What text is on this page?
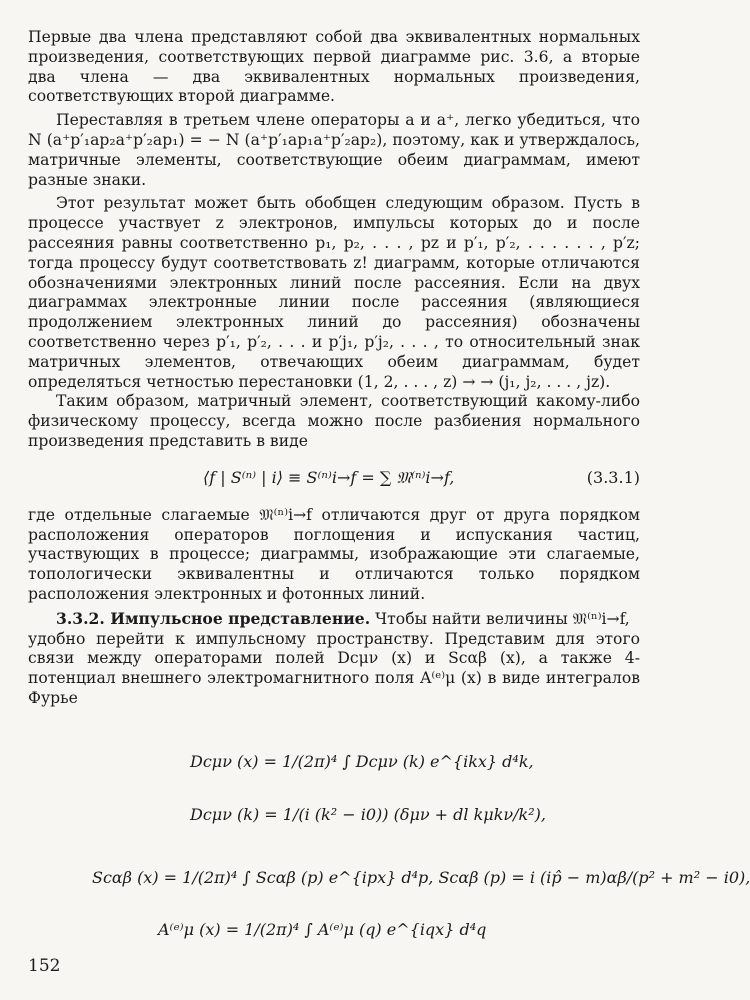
Первые два члена представляют собой два эквивалентных нормальных произведения, соответствующих первой диаграмме рис. 3.6, а вторые два члена — два эквивалентных нормальных произведения, соответствующих второй диаграмме.

Переставляя в третьем члене операторы a и a⁺, легко убедиться, что N (a⁺p′₁ap₂a⁺p′₂ap₁) = − N (a⁺p′₁ap₁a⁺p′₂ap₂), поэтому, как и утверждалось, матричные элементы, соответствующие обеим диаграммам, имеют разные знаки.

Этот результат может быть обобщен следующим образом. Пусть в процессе участвует z электронов, импульсы которых до и после рассеяния равны соответственно p₁, p₂, . . . , pz и p′₁, p′₂, . . . . . . , p′z; тогда процессу будут соответствовать z! диаграмм, которые отличаются обозначениями электронных линий после рассеяния. Если на двух диаграммах электронные линии после рассеяния (являющиеся продолжением электронных линий до рассеяния) обозначены соответственно через p′₁, p′₂, . . . и p′j₁, p′j₂, . . . , то относительный знак матричных элементов, отвечающих обеим диаграммам, будет определяться четностью перестановки (1, 2, . . . , z) → → (j₁, j₂, . . . , jz).

Таким образом, матричный элемент, соответствующий какому-либо физическому процессу, всегда можно после разбиения нормального произведения представить в виде

⟨f | S⁽ⁿ⁾ | i⟩ ≡ S⁽ⁿ⁾i→f = ∑ 𝔐⁽ⁿ⁾i→f,	(3.3.1)

где отдельные слагаемые 𝔐⁽ⁿ⁾i→f отличаются друг от друга порядком расположения операторов поглощения и испускания частиц, участвующих в процессе; диаграммы, изображающие эти слагаемые, топологически эквивалентны и отличаются только порядком расположения электронных и фотонных линий.

3.3.2. Импульсное представление. Чтобы найти величины 𝔐⁽ⁿ⁾i→f,

удобно перейти к импульсному пространству. Представим для этого связи между операторами полей Dcμν (x) и Scαβ (x), а также 4-потенциал внешнего электромагнитного поля A⁽ᵉ⁾μ (x) в виде интегралов Фурье

Dcμν (x) = 1/(2π)⁴ ∫ Dcμν (k) e^{ikx} d⁴k,
Dcμν (k) = 1/(i (k² − i0)) (δμν + dl kμkν/k²),
Scαβ (x) = 1/(2π)⁴ ∫ Scαβ (p) e^{ipx} d⁴p, Scαβ (p) = i (ip̂ − m)αβ/(p² + m² − i0),
A⁽ᵉ⁾μ (x) = 1/(2π)⁴ ∫ A⁽ᵉ⁾μ (q) e^{iqx} d⁴q
152
